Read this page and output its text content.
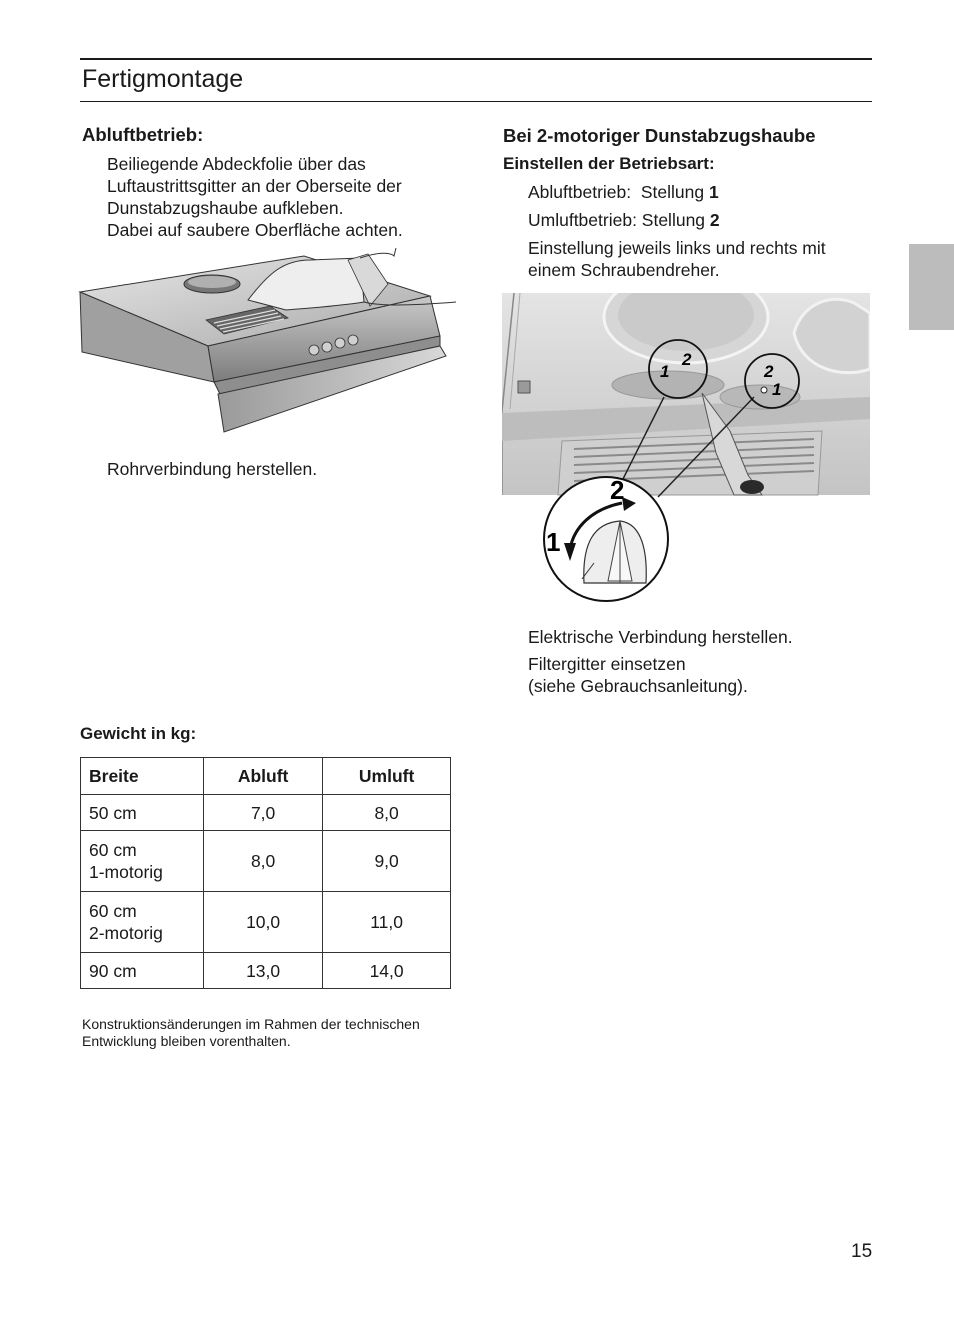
Fertigmontage
Abluftbetrieb:
Beiliegende Abdeckfolie über das
Luftaustrittsgitter an der Oberseite der
Dunstabzugshaube aufkleben.
Dabei auf saubere Oberfläche achten.
Rohrverbindung herstellen.
Bei 2-motoriger Dunstabzugshaube
Einstellen der Betriebsart:
Abluftbetrieb:  Stellung 1
Umluftbetrieb: Stellung 2
Einstellung jeweils links und rechts mit
einem Schraubendreher.
1
2
2
1
2
1
Elektrische Verbindung herstellen.
Filtergitter einsetzen
(siehe Gebrauchsanleitung).
Gewicht in kg:
Breite	Abluft	Umluft
50 cm	7,0	8,0
60 cm
1-motorig	8,0	9,0
60 cm
2-motorig	10,0	11,0
90 cm	13,0	14,0
Konstruktionsänderungen im Rahmen der technischen
Entwicklung bleiben vorenthalten.
15
